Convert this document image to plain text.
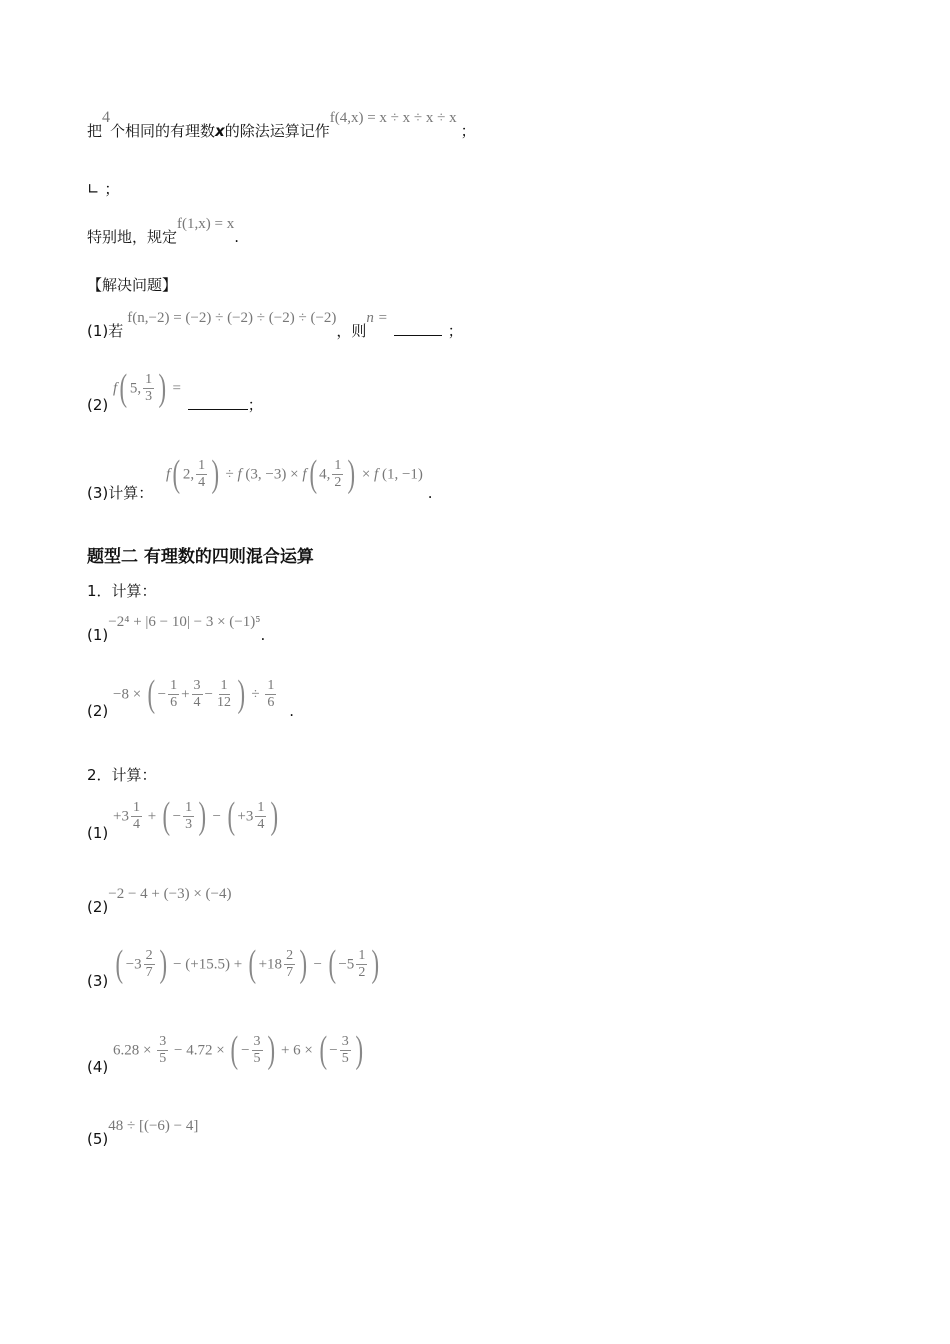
把4个相同的有理数x的除法运算记作f(4,x) = x ÷ x ÷ x ÷ x；
∟ ；
特别地，规定f(1,x) = x.
【解决问题】
(1)若f(n,−2) = (−2) ÷ (−2) ÷ (−2) ÷ (−2)，则n =；
(2) f( 5, $\frac{1}{3}$ ) = ；
(3)计算： f( 2, $\frac{1}{4}$ ) ÷ f (3, −3) × f( 4, $\frac{1}{2}$ ) × f (1, −1) .
题型二 有理数的四则混合运算
1．计算：
(1)−2⁴ + |6 − 10| − 3 × (−1)⁵.
(2) −8 × ( − $\frac{1}{6} + \frac{3}{4} - \frac{1}{12}$ ) ÷ $\frac{1}{6}$
.
2．计算：
$(1) +3 \frac{1}{4}$ + ( − $\frac{1}{3}$ ) − ( $+3 \frac{1}{4}$ )
(2)−2 − 4 + (−3) × (−4)
(3) ( $-3 \frac{2}{7}$ ) − (+15.5) + ( $+18 \frac{2}{7}$ ) − ( $-5 \frac{1}{2}$ )
(4) $6.28 \times \frac{3}{5} - 4.72$ × ( − $\frac{3}{5}$ ) + 6 × ( − $\frac{3}{5}$ )
(5)48 ÷ [(−6) − 4]
